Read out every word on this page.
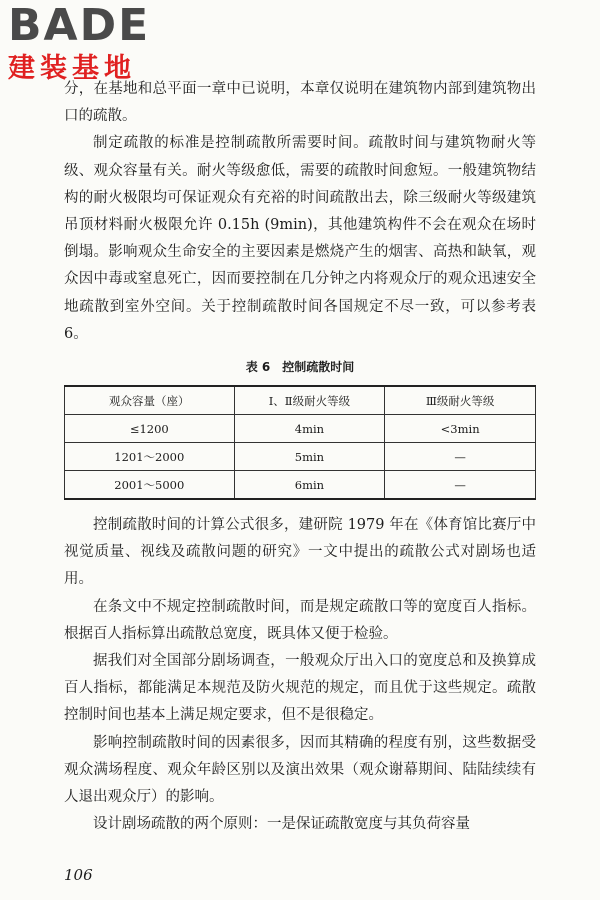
BADE
建装基地

分，在基地和总平面一章中已说明，本章仅说明在建筑物内部到建筑物出口的疏散。

制定疏散的标准是控制疏散所需要时间。疏散时间与建筑物耐火等级、观众容量有关。耐火等级愈低，需要的疏散时间愈短。一般建筑物结构的耐火极限均可保证观众有充裕的时间疏散出去，除三级耐火等级建筑吊顶材料耐火极限允许 0.15h (9min)，其他建筑构件不会在观众在场时倒塌。影响观众生命安全的主要因素是燃烧产生的烟害、高热和缺氧，观众因中毒或窒息死亡，因而要控制在几分钟之内将观众厅的观众迅速安全地疏散到室外空间。关于控制疏散时间各国规定不尽一致，可以参考表 6。

表 6　控制疏散时间
观众容量（座）	Ⅰ、Ⅱ级耐火等级	Ⅲ级耐火等级
≤1200	4min	<3min
1201～2000	5min	—
2001～5000	6min	—

控制疏散时间的计算公式很多，建研院 1979 年在《体育馆比赛厅中视觉质量、视线及疏散问题的研究》一文中提出的疏散公式对剧场也适用。

在条文中不规定控制疏散时间，而是规定疏散口等的宽度百人指标。根据百人指标算出疏散总宽度，既具体又便于检验。

据我们对全国部分剧场调查，一般观众厅出入口的宽度总和及换算成百人指标，都能满足本规范及防火规范的规定，而且优于这些规定。疏散控制时间也基本上满足规定要求，但不是很稳定。

影响控制疏散时间的因素很多，因而其精确的程度有别，这些数据受观众满场程度、观众年龄区别以及演出效果（观众谢幕期间、陆陆续续有人退出观众厅）的影响。

设计剧场疏散的两个原则：一是保证疏散宽度与其负荷容量

106
